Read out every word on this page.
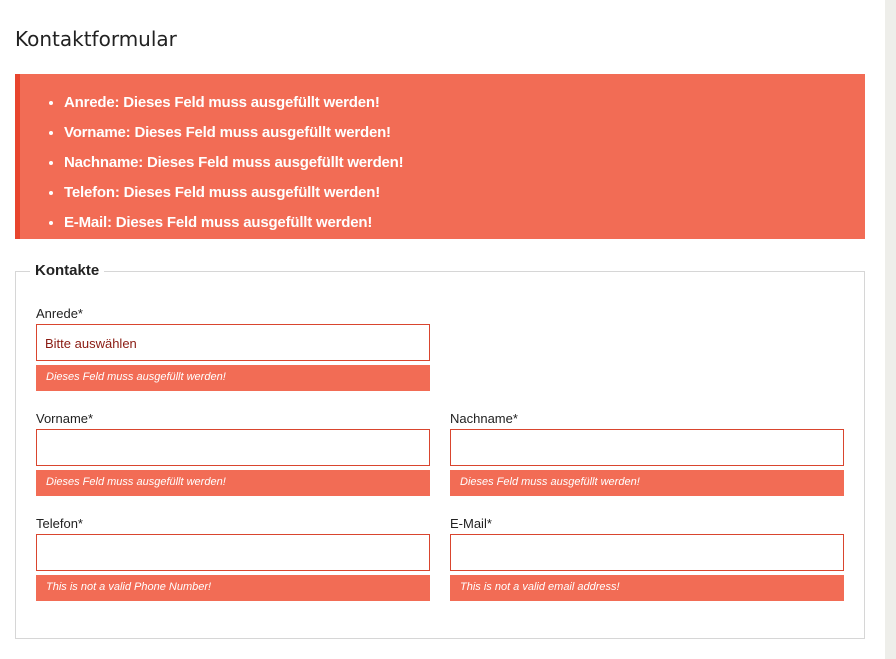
Kontaktformular
• Anrede: Dieses Feld muss ausgefüllt werden!
• Vorname: Dieses Feld muss ausgefüllt werden!
• Nachname: Dieses Feld muss ausgefüllt werden!
• Telefon: Dieses Feld muss ausgefüllt werden!
• E-Mail: Dieses Feld muss ausgefüllt werden!
Kontakte
Anrede*
Bitte auswählen
Dieses Feld muss ausgefüllt werden!
Vorname*
Dieses Feld muss ausgefüllt werden!
Nachname*
Dieses Feld muss ausgefüllt werden!
Telefon*
This is not a valid Phone Number!
E-Mail*
This is not a valid email address!
